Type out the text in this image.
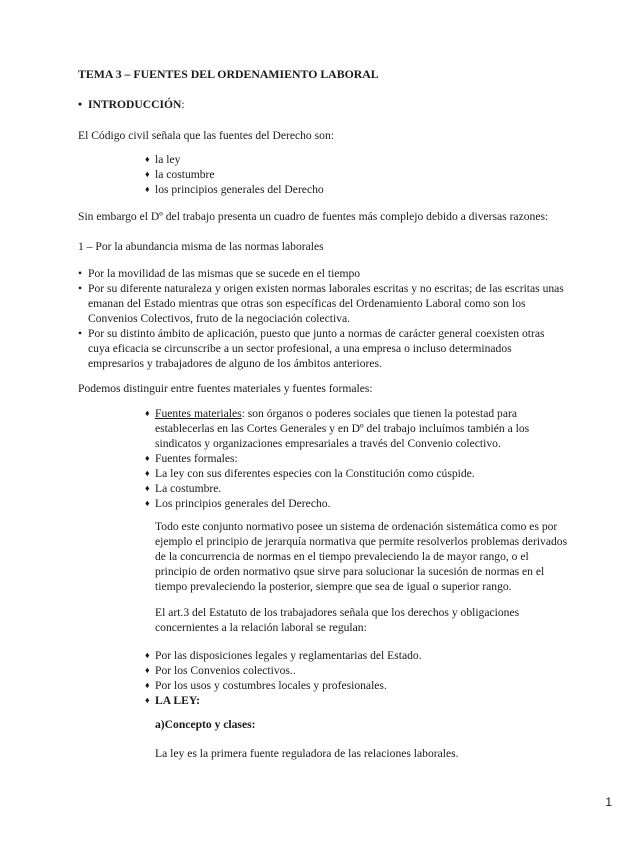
TEMA 3 – FUENTES DEL ORDENAMIENTO LABORAL

• INTRODUCCIÓN:

El Código civil señala que las fuentes del Derecho son:

♦ la ley
♦ la costumbre
♦ los principios generales del Derecho

Sin embargo el Dº del trabajo presenta un cuadro de fuentes más complejo debido a diversas razones:

1 – Por la abundancia misma de las normas laborales

• Por la movilidad de las mismas que se sucede en el tiempo
• Por su diferente naturaleza y origen existen normas laborales escritas y no escritas; de las escritas unas emanan del Estado mientras que otras son específicas del Ordenamiento Laboral como son los Convenios Colectivos, fruto de la negociación colectiva.
• Por su distinto ámbito de aplicación, puesto que junto a normas de carácter general coexisten otras cuya eficacia se circunscribe a un sector profesional, a una empresa o incluso determinados empresarios y trabajadores de alguno de los ámbitos anteriores.

Podemos distinguir entre fuentes materiales y fuentes formales:

♦ Fuentes materiales: son órganos o poderes sociales que tienen la potestad para establecerlas en las Cortes Generales y en Dº del trabajo incluímos también a los sindicatos y organizaciones empresariales a través del Convenio colectivo.
♦ Fuentes formales:
♦ La ley con sus diferentes especies con la Constitución como cúspide.
♦ La costumbre.
♦ Los principios generales del Derecho.

Todo este conjunto normativo posee un sistema de ordenación sistemática como es por ejemplo el principio de jerarquía normativa que permite resolverlos problemas derivados de la concurrencia de normas en el tiempo prevaleciendo la de mayor rango, o el principio de orden normativo qsue sirve para solucionar la sucesión de normas en el tiempo prevaleciendo la posterior, siempre que sea de igual o superior rango.

El art.3 del Estatuto de los trabajadores señala que los derechos y obligaciones concernientes a la relación laboral se regulan:

♦ Por las disposiciones legales y reglamentarias del Estado.
♦ Por los Convenios colectivos..
♦ Por los usos y costumbres locales y profesionales.
♦ LA LEY:

a)Concepto y clases:

La ley es la primera fuente reguladora de las relaciones laborales.

1
